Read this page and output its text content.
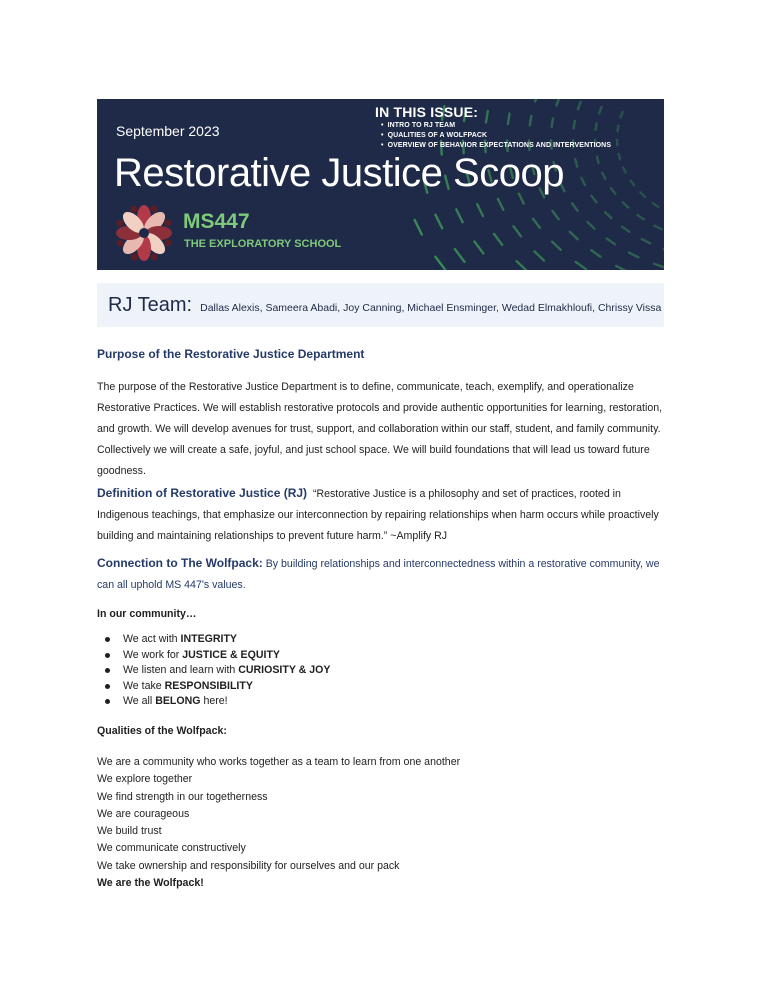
September 2023
Restorative Justice Scoop
IN THIS ISSUE:
• INTRO TO RJ TEAM
• QUALITIES OF A WOLFPACK
• OVERVIEW OF BEHAVIOR EXPECTATIONS AND INTERVENTIONS
MS447
THE EXPLORATORY SCHOOL
RJ Team: Dallas Alexis, Sameera Abadi, Joy Canning, Michael Ensminger, Wedad Elmakhloufi, Chrissy Vissa
Purpose of the Restorative Justice Department

The purpose of the Restorative Justice Department is to define, communicate, teach, exemplify, and operationalize Restorative Practices. We will establish restorative protocols and provide authentic opportunities for learning, restoration, and growth. We will develop avenues for trust, support, and collaboration within our staff, student, and family community. Collectively we will create a safe, joyful, and just school space. We will build foundations that will lead us toward future goodness.

Definition of Restorative Justice (RJ) “Restorative Justice is a philosophy and set of practices, rooted in Indigenous teachings, that emphasize our interconnection by repairing relationships when harm occurs while proactively building and maintaining relationships to prevent future harm.” ~Amplify RJ

Connection to The Wolfpack: By building relationships and interconnectedness within a restorative community, we can all uphold MS 447's values.

In our community…
We act with INTEGRITY
We work for JUSTICE & EQUITY
We listen and learn with CURIOSITY & JOY
We take RESPONSIBILITY
We all BELONG here!
Qualities of the Wolfpack:
We are a community who works together as a team to learn from one another
We explore together
We find strength in our togetherness
We are courageous
We build trust
We communicate constructively
We take ownership and responsibility for ourselves and our pack
We are the Wolfpack!
